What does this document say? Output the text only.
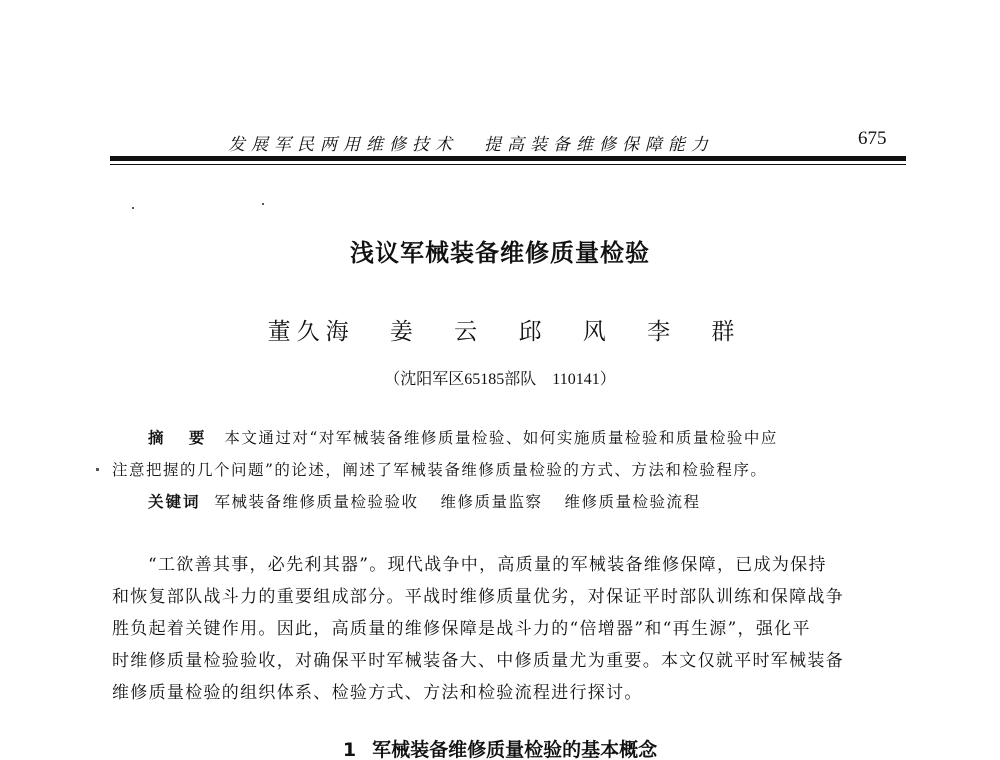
发展军民两用维修技术 提高装备维修保障能力	675
浅议军械装备维修质量检验
董久海 姜 云 邱 风 李 群
（沈阳军区65185部队　110141）
摘 要 本文通过对“对军械装备维修质量检验、如何实施质量检验和质量检验中应
注意把握的几个问题”的论述，阐述了军械装备维修质量检验的方式、方法和检验程序。
关键词 军械装备维修质量检验验收 维修质量监察 维修质量检验流程
“工欲善其事，必先利其器”。现代战争中，高质量的军械装备维修保障，已成为保持
和恢复部队战斗力的重要组成部分。平战时维修质量优劣，对保证平时部队训练和保障战争
胜负起着关键作用。因此，高质量的维修保障是战斗力的“倍增器”和“再生源”，强化平
时维修质量检验验收，对确保平时军械装备大、中修质量尤为重要。本文仅就平时军械装备
维修质量检验的组织体系、检验方式、方法和检验流程进行探讨。
1 军械装备维修质量检验的基本概念
